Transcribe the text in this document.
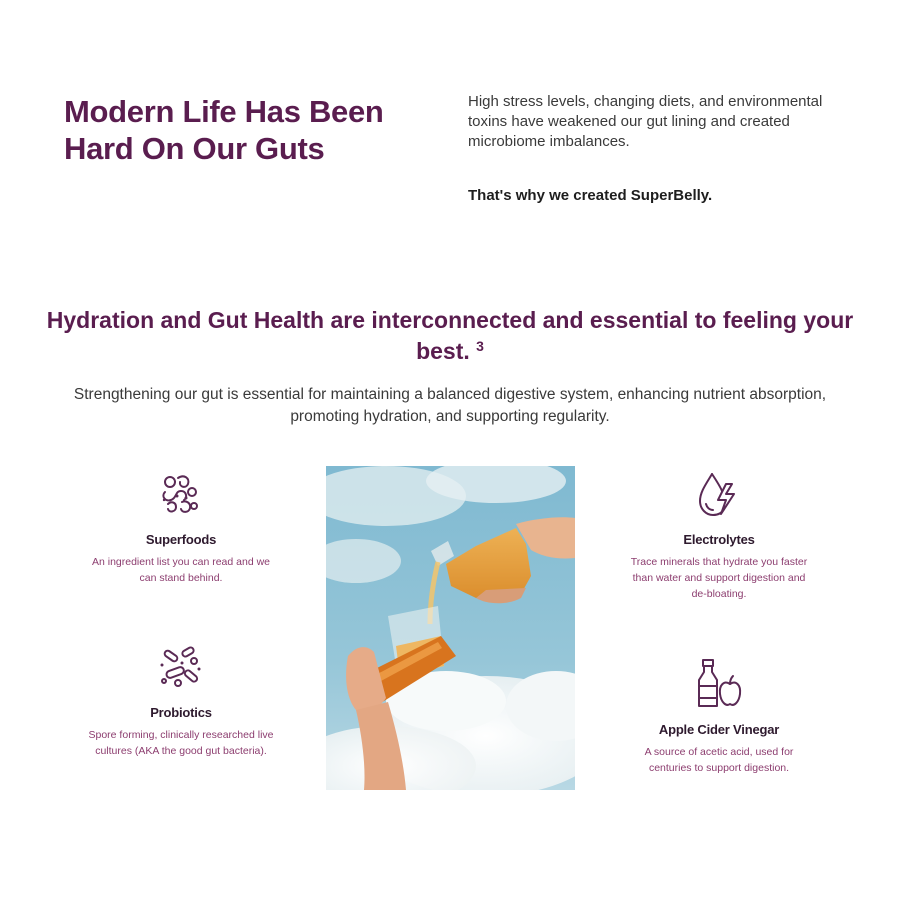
Modern Life Has Been Hard On Our Guts

High stress levels, changing diets, and environmental toxins have weakened our gut lining and created microbiome imbalances.

That's why we created SuperBelly.

Hydration and Gut Health are interconnected and essential to feeling your best. $^3$

Strengthening our gut is essential for maintaining a balanced digestive system, enhancing nutrient absorption, promoting hydration, and supporting regularity.

Superfoods
An ingredient list you can read and we can stand behind.
Probiotics
Spore forming, clinically researched live cultures (AKA the good gut bacteria).
Electrolytes
Trace minerals that hydrate you faster than water and support digestion and de-bloating.
Apple Cider Vinegar
A source of acetic acid, used for centuries to support digestion.
